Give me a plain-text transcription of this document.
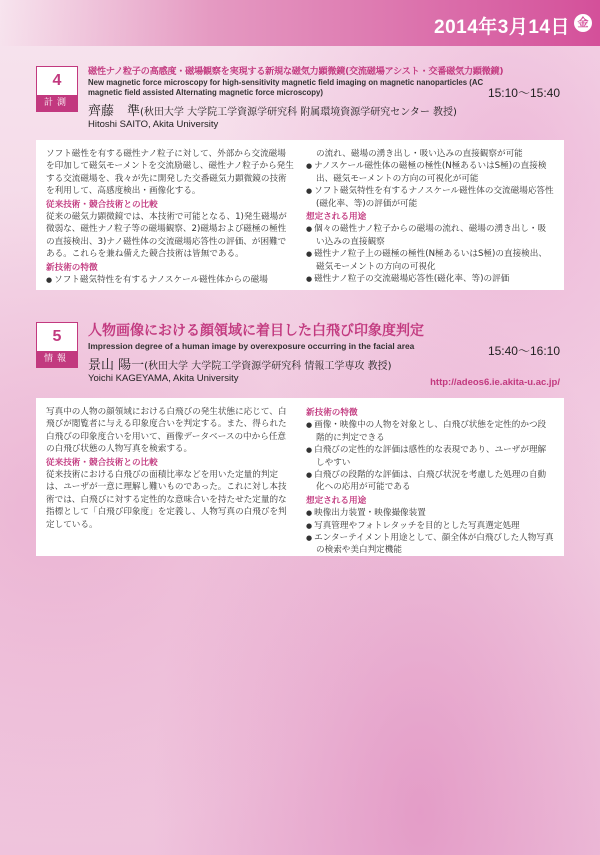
2014年3月14日 金
4
計測
磁性ナノ粒子の高感度・磁場観察を実現する新規な磁気力顕微鏡(交流磁場アシスト・交番磁気力顕微鏡)
New magnetic force microscopy for high-sensitivity magnetic field imaging on magnetic nanoparticles (AC magnetic field assisted Alternating magnetic force microscopy)
齊藤　準(秋田大学 大学院工学資源学研究科 附属環境資源学研究センター 教授)
Hitoshi SAITO, Akita University
15:10～15:40

ソフト磁性を有する磁性ナノ粒子に対して、外部から交流磁場を印加して磁気モーメントを交流励磁し、磁性ナノ粒子から発生する交流磁場を、我々が先に開発した交番磁気力顕微鏡の技術を利用して、高感度検出・画像化する。

従来技術・競合技術との比較

従来の磁気力顕微鏡では、本技術で可能となる、1)発生磁場が微弱な、磁性ナノ粒子等の磁場観察、2)磁場および磁極の極性の直接検出、3)ナノ磁性体の交流磁場応答性の評価、が困難である。これらを兼ね備えた競合技術は皆無である。

新技術の特徴
● ソフト磁気特性を有するナノスケール磁性体からの磁場

の流れ、磁場の湧き出し・吸い込みの直接観察が可能

● ナノスケール磁性体の磁極の極性(N極あるいはS極)の直接検出、磁気モーメントの方向の可視化が可能
● ソフト磁気特性を有するナノスケール磁性体の交流磁場応答性(磁化率、等)の評価が可能
想定される用途
● 個々の磁性ナノ粒子からの磁場の流れ、磁場の湧き出し・吸い込みの直接観察
● 磁性ナノ粒子上の磁極の極性(N極あるいはS極)の直接検出、磁気モーメントの方向の可視化
● 磁性ナノ粒子の交流磁場応答性(磁化率、等)の評価
5
情報
人物画像における顔領域に着目した白飛び印象度判定
Impression degree of a human image by overexposure occurring in the facial area
景山 陽一(秋田大学 大学院工学資源学研究科 情報工学専攻 教授)
Yoichi KAGEYAMA, Akita University
15:40～16:10
http://adeos6.ie.akita-u.ac.jp/

写真中の人物の顔領域における白飛びの発生状態に応じて、白飛びが閲覧者に与える印象度合いを判定する。また、得られた白飛びの印象度合いを用いて、画像データベースの中から任意の白飛び状態の人物写真を検索する。

従来技術・競合技術との比較

従来技術における白飛びの面積比率などを用いた定量的判定は、ユーザが一意に理解し難いものであった。これに対し本技術では、白飛びに対する定性的な意味合いを持たせた定量的な指標として「白飛び印象度」を定義し、人物写真の白飛びを判定している。

新技術の特徴
● 画像・映像中の人物を対象とし、白飛び状態を定性的かつ段階的に判定できる
● 白飛びの定性的な評価は感性的な表現であり、ユーザが理解しやすい
● 白飛びの段階的な評価は、白飛び状況を考慮した処理の自動化への応用が可能である
想定される用途
● 映像出力装置・映像撮像装置
● 写真管理やフォトレタッチを目的とした写真選定処理
● エンターテイメント用途として、顔全体が白飛びした人物写真の検索や美白判定機能
